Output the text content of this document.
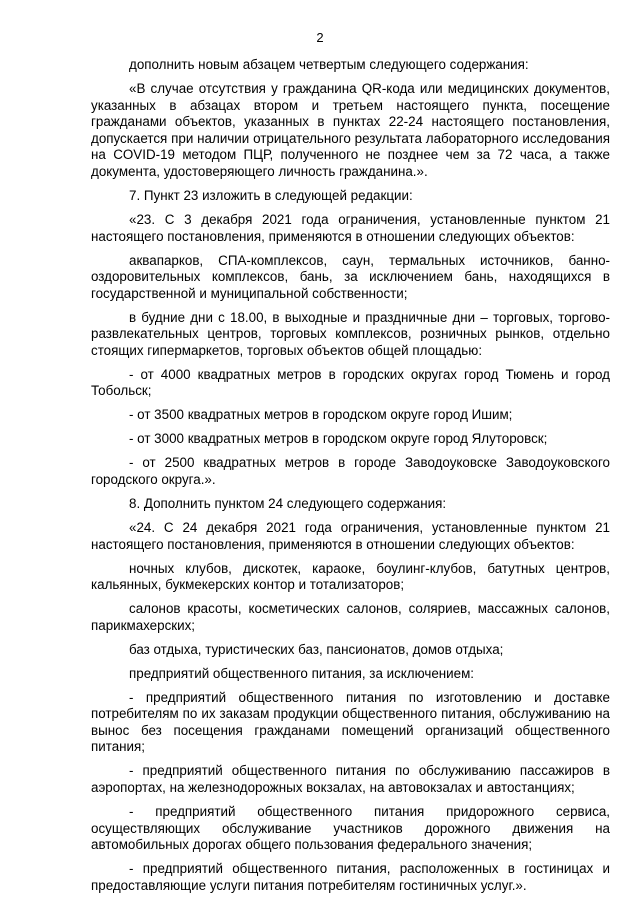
2

дополнить новым абзацем четвертым следующего содержания:

«В случае отсутствия у гражданина QR-кода или медицинских документов, указанных в абзацах втором и третьем настоящего пункта, посещение гражданами объектов, указанных в пунктах 22-24 настоящего постановления, допускается при наличии отрицательного результата лабораторного исследования на COVID-19 методом ПЦР, полученного не позднее чем за 72 часа, а также документа, удостоверяющего личность гражданина.».

7. Пункт 23 изложить в следующей редакции:

«23. С 3 декабря 2021 года ограничения, установленные пунктом 21 настоящего постановления, применяются в отношении следующих объектов:

аквапарков, СПА-комплексов, саун, термальных источников, банно-оздоровительных комплексов, бань, за исключением бань, находящихся в государственной и муниципальной собственности;

в будние дни с 18.00, в выходные и праздничные дни – торговых, торгово-развлекательных центров, торговых комплексов, розничных рынков, отдельно стоящих гипермаркетов, торговых объектов общей площадью:

- от 4000 квадратных метров в городских округах город Тюмень и город Тобольск;

- от 3500 квадратных метров в городском округе город Ишим;

- от 3000 квадратных метров в городском округе город Ялуторовск;

- от 2500 квадратных метров в городе Заводоуковске Заводоуковского городского округа.».

8. Дополнить пунктом 24 следующего содержания:

«24. С 24 декабря 2021 года ограничения, установленные пунктом 21 настоящего постановления, применяются в отношении следующих объектов:

ночных клубов, дискотек, караоке, боулинг-клубов, батутных центров, кальянных, букмекерских контор и тотализаторов;

салонов красоты, косметических салонов, соляриев, массажных салонов, парикмахерских;

баз отдыха, туристических баз, пансионатов, домов отдыха;

предприятий общественного питания, за исключением:

- предприятий общественного питания по изготовлению и доставке потребителям по их заказам продукции общественного питания, обслуживанию на вынос без посещения гражданами помещений организаций общественного питания;

- предприятий общественного питания по обслуживанию пассажиров в аэропортах, на железнодорожных вокзалах, на автовокзалах и автостанциях;

- предприятий общественного питания придорожного сервиса, осуществляющих обслуживание участников дорожного движения на автомобильных дорогах общего пользования федерального значения;

- предприятий общественного питания, расположенных в гостиницах и предоставляющие услуги питания потребителям гостиничных услуг.».
